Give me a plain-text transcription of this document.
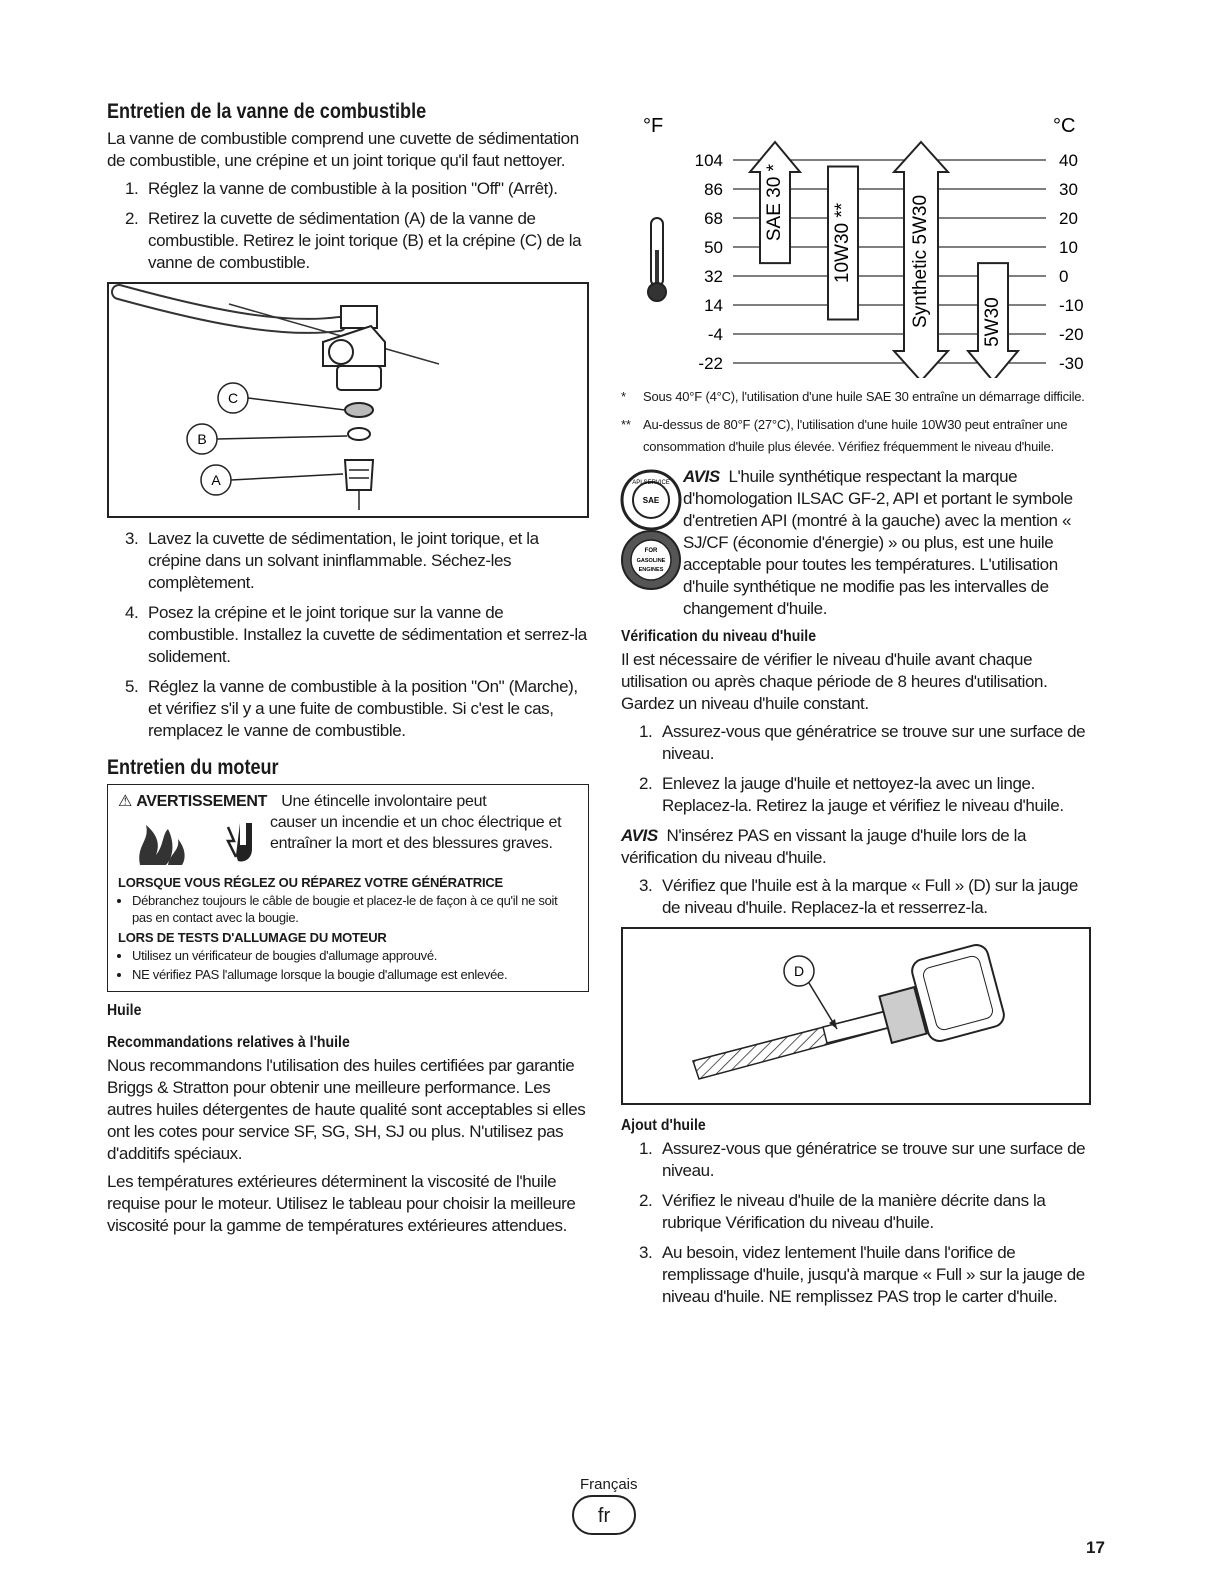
Entretien de la vanne de combustible

La vanne de combustible comprend une cuvette de sédimentation de combustible, une crépine et un joint torique qu'il faut nettoyer.

1. Réglez la vanne de combustible à la position "Off" (Arrêt).
2. Retirez la cuvette de sédimentation (A) de la vanne de combustible. Retirez le joint torique (B) et la crépine (C) de la vanne de combustible.
C
B
A
3. Lavez la cuvette de sédimentation, le joint torique, et la crépine dans un solvant ininflammable. Séchez-les complètement.
4. Posez la crépine et le joint torique sur la vanne de combustible. Installez la cuvette de sédimentation et serrez-la solidement.
5. Réglez la vanne de combustible à la position "On" (Marche), et vérifiez s'il y a une fuite de combustible. Si c'est le cas, remplacez le vanne de combustible.
Entretien du moteur
⚠ AVERTISSEMENT Une étincelle involontaire peut
causer un incendie et un choc électrique et entraîner la mort et des blessures graves.
LORSQUE VOUS RÉGLEZ OU RÉPAREZ VOTRE GÉNÉRATRICE
• Débranchez toujours le câble de bougie et placez-le de façon à ce qu'il ne soit pas en contact avec la bougie.
LORS DE TESTS D'ALLUMAGE DU MOTEUR
• Utilisez un vérificateur de bougies d'allumage approuvé.
• NE vérifiez PAS l'allumage lorsque la bougie d'allumage est enlevée.
Huile
Recommandations relatives à l'huile

Nous recommandons l'utilisation des huiles certifiées par garantie Briggs & Stratton pour obtenir une meilleure performance. Les autres huiles détergentes de haute qualité sont acceptables si elles ont les cotes pour service SF, SG, SH, SJ ou plus. N'utilisez pas d'additifs spéciaux.

Les températures extérieures déterminent la viscosité de l'huile requise pour le moteur. Utilisez le tableau pour choisir la meilleure viscosité pour la gamme de températures extérieures attendues.

°F	°C
SAE 30 *
10W30 **	Synthetic 5W30	5W30
104	40
86	30
68	20
50	10
32	0
14	-10
-4	-20
-22	-30

* Sous 40°F (4°C), l'utilisation d'une huile SAE 30 entraîne un démarrage difficile.

** Au-dessus de 80°F (27°C), l'utilisation d'une huile 10W30 peut entraîner une consommation d'huile plus élevée. Vérifiez fréquemment le niveau d'huile.

API SERVICE
SAE
FOR
GASOLINE
ENGINES

AVIS L'huile synthétique respectant la marque d'homologation ILSAC GF-2, API et portant le symbole d'entretien API (montré à la gauche) avec la mention « SJ/CF (économie d'énergie) » ou plus, est une huile acceptable pour toutes les températures. L'utilisation d'huile synthétique ne modifie pas les intervalles de changement d'huile.

Vérification du niveau d'huile

Il est nécessaire de vérifier le niveau d'huile avant chaque utilisation ou après chaque période de 8 heures d'utilisation. Gardez un niveau d'huile constant.

1. Assurez-vous que génératrice se trouve sur une surface de niveau.
2. Enlevez la jauge d'huile et nettoyez-la avec un linge. Replacez-la. Retirez la jauge et vérifiez le niveau d'huile.

AVIS N'insérez PAS en vissant la jauge d'huile lors de la vérification du niveau d'huile.

3. Vérifiez que l'huile est à la marque « Full » (D) sur la jauge de niveau d'huile. Replacez-la et resserrez-la.
D
Ajout d'huile
1. Assurez-vous que génératrice se trouve sur une surface de niveau.
2. Vérifiez le niveau d'huile de la manière décrite dans la rubrique Vérification du niveau d'huile.
3. Au besoin, videz lentement l'huile dans l'orifice de remplissage d'huile, jusqu'à marque « Full » sur la jauge de niveau d'huile. NE remplissez PAS trop le carter d'huile.
Français
fr
17
